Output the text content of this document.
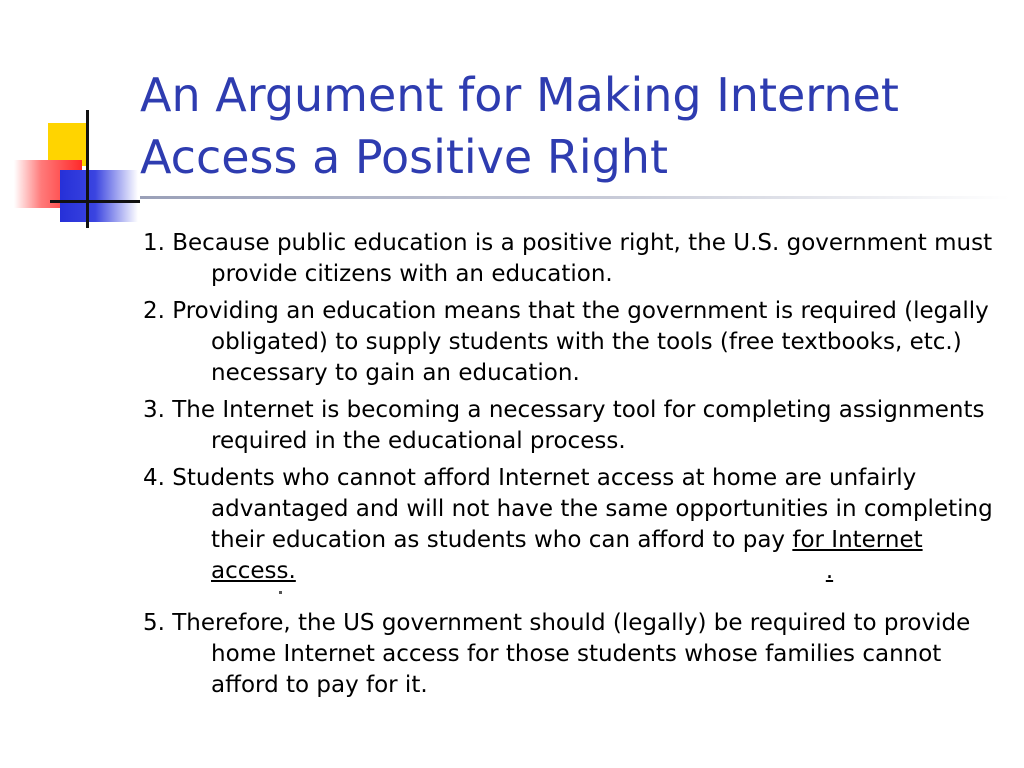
An Argument for Making Internet
Access a Positive Right
1. Because public education is a positive right, the U.S. government must provide citizens with an education.
2. Providing an education means that the government is required (legally obligated) to supply students with the tools (free textbooks, etc.) necessary to gain an education.
3. The Internet is becoming a necessary tool for completing assignments required in the educational process.
4. Students who cannot afford Internet access at home are unfairly advantaged and will not have the same opportunities in completing their education as students who can afford to pay for Internet access.	.
5. Therefore, the US government should (legally) be required to provide home Internet access for those students whose families cannot afford to pay for it.
